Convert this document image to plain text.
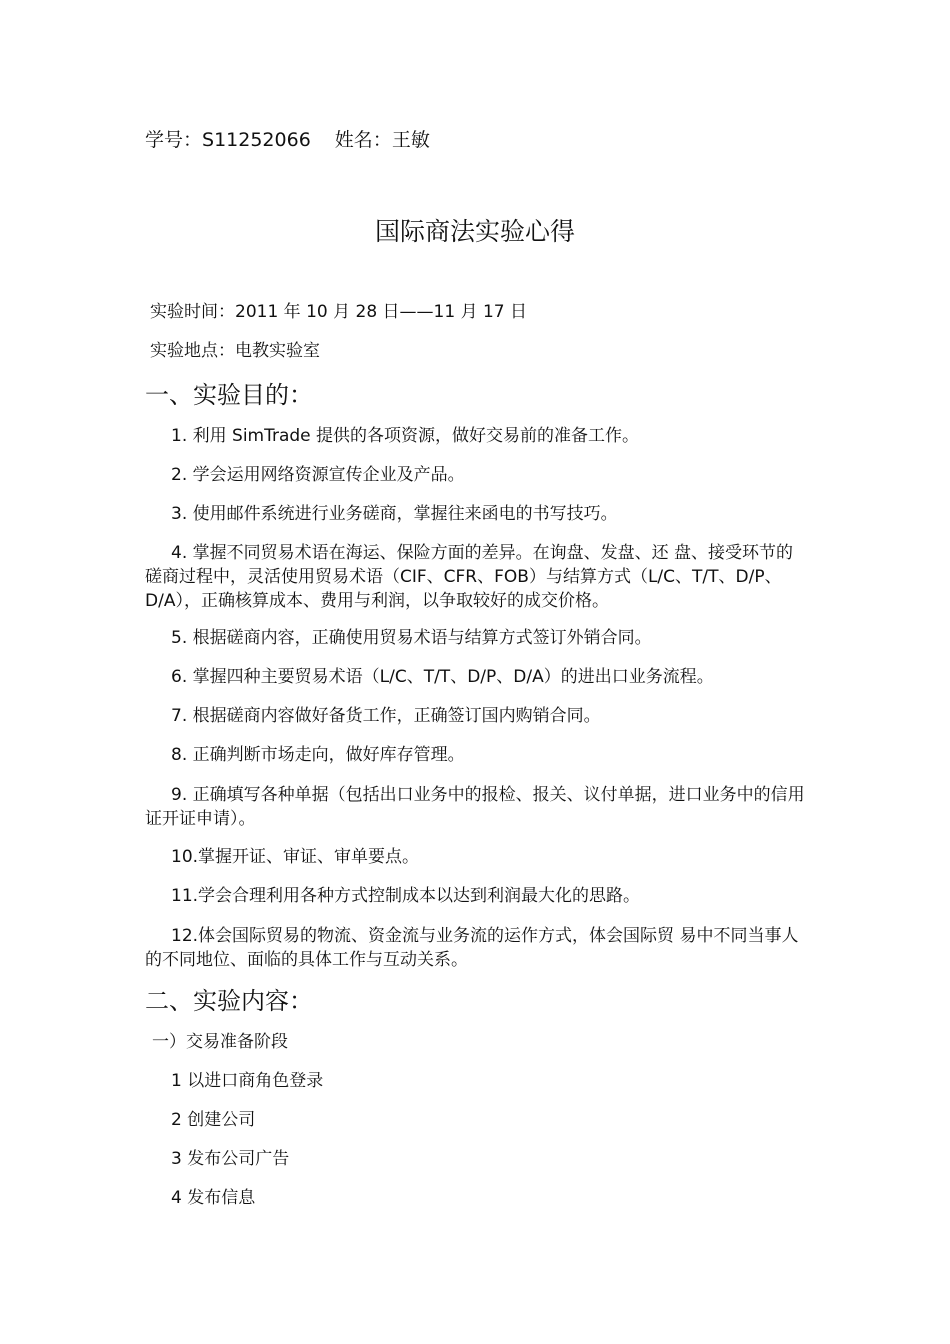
学号：S11252066 姓名：王敏
国际商法实验心得
实验时间：2011 年 10 月 28 日——11 月 17 日
实验地点：电教实验室
一、实验目的：
1. 利用 SimTrade 提供的各项资源，做好交易前的准备工作。
2. 学会运用网络资源宣传企业及产品。
3. 使用邮件系统进行业务磋商，掌握往来函电的书写技巧。
4. 掌握不同贸易术语在海运、保险方面的差异。在询盘、发盘、还 盘、接受环节的磋商过程中，灵活使用贸易术语（CIF、CFR、FOB）与结算方式（L/C、T/T、D/P、D/A），正确核算成本、费用与利润，以争取较好的成交价格。
5. 根据磋商内容，正确使用贸易术语与结算方式签订外销合同。
6. 掌握四种主要贸易术语（L/C、T/T、D/P、D/A）的进出口业务流程。
7. 根据磋商内容做好备货工作，正确签订国内购销合同。
8. 正确判断市场走向，做好库存管理。
9. 正确填写各种单据（包括出口业务中的报检、报关、议付单据，进口业务中的信用证开证申请）。
10.掌握开证、审证、审单要点。
11.学会合理利用各种方式控制成本以达到利润最大化的思路。
12.体会国际贸易的物流、资金流与业务流的运作方式，体会国际贸 易中不同当事人的不同地位、面临的具体工作与互动关系。
二、实验内容：
一）交易准备阶段
1 以进口商角色登录
2 创建公司
3 发布公司广告
4 发布信息
